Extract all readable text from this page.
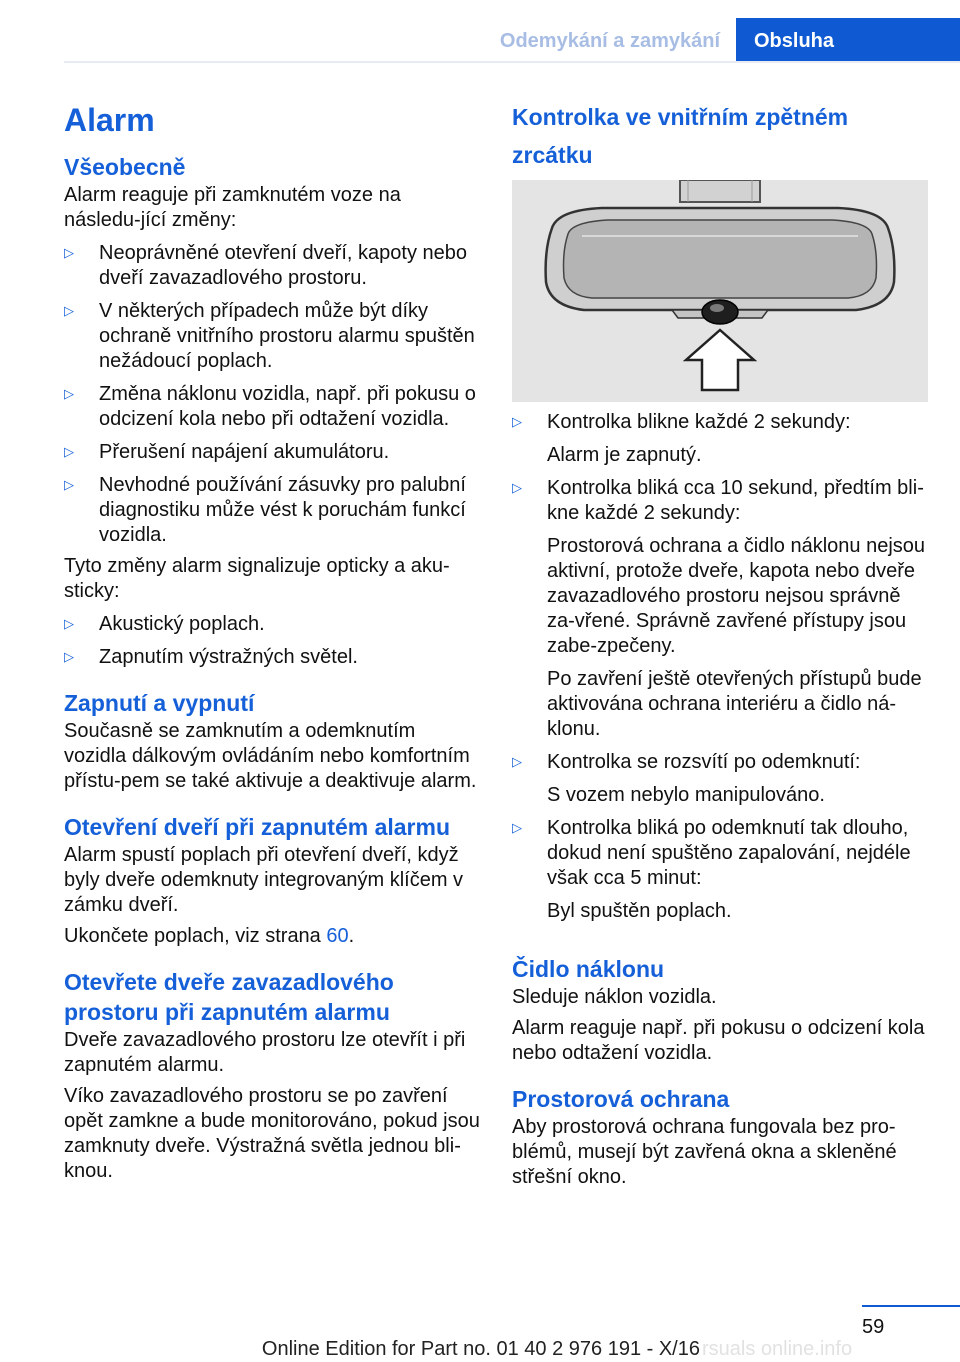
Odemykání a zamykání	Obsluha
Alarm
Všeobecně
Alarm reaguje při zamknutém voze na následu‐jící změny:
▷ Neoprávněné otevření dveří, kapoty nebo dveří zavazadlového prostoru.
▷ V některých případech může být díky ochraně vnitřního prostoru alarmu spuštěn nežádoucí poplach.
▷ Změna náklonu vozidla, např. při pokusu o odcizení kola nebo při odtažení vozidla.
▷ Přerušení napájení akumulátoru.
▷ Nevhodné používání zásuvky pro palubní diagnostiku může vést k poruchám funkcí vozidla.
Tyto změny alarm signalizuje opticky a aku‐sticky:
▷ Akustický poplach.
▷ Zapnutím výstražných světel.
Zapnutí a vypnutí
Současně se zamknutím a odemknutím vozidla dálkovým ovládáním nebo komfortním přístu‐pem se také aktivuje a deaktivuje alarm.
Otevření dveří při zapnutém alarmu
Alarm spustí poplach při otevření dveří, když byly dveře odemknuty integrovaným klíčem v zámku dveří.
Ukončete poplach, viz strana 60.
Otevřete dveře zavazadlového
prostoru při zapnutém alarmu
Dveře zavazadlového prostoru lze otevřít i při zapnutém alarmu.
Víko zavazadlového prostoru se po zavření opět zamkne a bude monitorováno, pokud jsou zamknuty dveře. Výstražná světla jednou bli‐knou.
Kontrolka ve vnitřním zpětném zrcátku
▷ Kontrolka blikne každé 2 sekundy:
Alarm je zapnutý.
▷ Kontrolka bliká cca 10 sekund, předtím bli‐kne každé 2 sekundy:
Prostorová ochrana a čidlo náklonu nejsou aktivní, protože dveře, kapota nebo dveře zavazadlového prostoru nejsou správně za‐vřené. Správně zavřené přístupy jsou zabe‐zpečeny.
Po zavření ještě otevřených přístupů bude aktivována ochrana interiéru a čidlo ná‐klonu.
▷ Kontrolka se rozsvítí po odemknutí:
S vozem nebylo manipulováno.
▷ Kontrolka bliká po odemknutí tak dlouho, dokud není spuštěno zapalování, nejdéle však cca 5 minut:
Byl spuštěn poplach.
Čidlo náklonu
Sleduje náklon vozidla.
Alarm reaguje např. při pokusu o odcizení kola nebo odtažení vozidla.
Prostorová ochrana
Aby prostorová ochrana fungovala bez pro‐blémů, musejí být zavřená okna a skleněné střešní okno.
59
Online Edition for Part no. 01 40 2 976 191 - X/16 rsuals online.info
